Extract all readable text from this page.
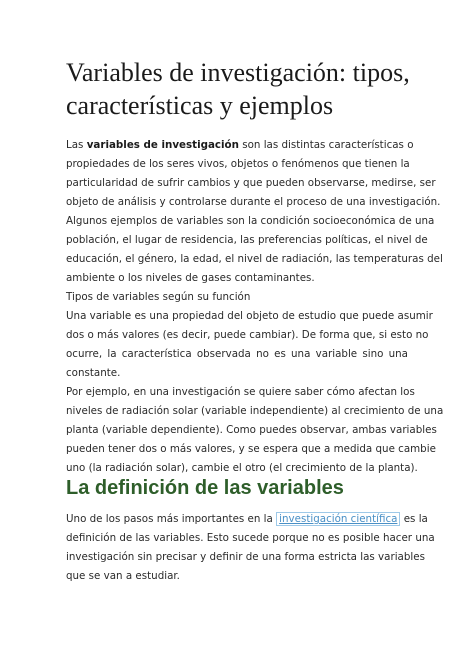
Variables de investigación: tipos,
características y ejemplos

Las variables de investigación son las distintas características o
propiedades de los seres vivos, objetos o fenómenos que tienen la
particularidad de sufrir cambios y que pueden observarse, medirse, ser
objeto de análisis y controlarse durante el proceso de una investigación.

Algunos ejemplos de variables son la condición socioeconómica de una
población, el lugar de residencia, las preferencias políticas, el nivel de
educación, el género, la edad, el nivel de radiación, las temperaturas del
ambiente o los niveles de gases contaminantes.

Tipos de variables según su función
Una variable es una propiedad del objeto de estudio que puede asumir
dos o más valores (es decir, puede cambiar). De forma que, si esto no
ocurre, la característica observada no es una variable sino una
constante.

Por ejemplo, en una investigación se quiere saber cómo afectan los
niveles de radiación solar (variable independiente) al crecimiento de una
planta (variable dependiente). Como puedes observar, ambas variables
pueden tener dos o más valores, y se espera que a medida que cambie
uno (la radiación solar), cambie el otro (el crecimiento de la planta).

La definición de las variables

Uno de los pasos más importantes en la investigación científica es la
definición de las variables. Esto sucede porque no es posible hacer una
investigación sin precisar y definir de una forma estricta las variables
que se van a estudiar.
